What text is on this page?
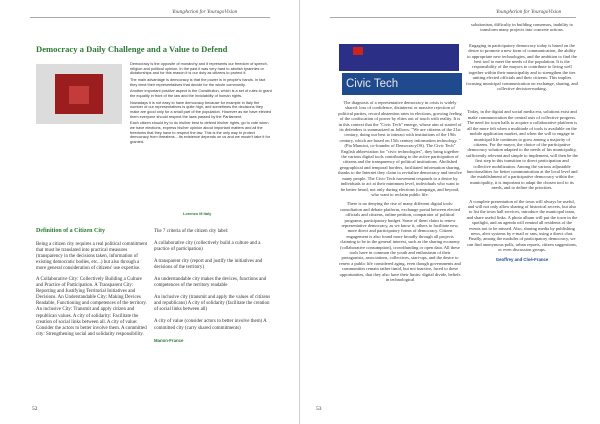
YoungAction for YouragoVision
Democracy a Daily Challenge and a Value to Defend

Democracy is the opposite of monarchy and it represents our freedom of speech, religion and political opinion. In the past it was very hard to abolish tyrannies or dictatorships and for this reason it is our duty as citizens to protect it.

The main advantage is democracy is that the power is in people's hands. In fact they elect their representatives that decide for the whole community.

Another important positive aspect is the Constitution, which is a set of rules to grant the equality in front of the law and the inviolability of human rights.

Nowadays it is not easy to have democracy because for example in Italy the number of our representatives is quite high, and sometimes the decisions they make are good only for a small part of the population. However as we have elected them everyone should respect the laws passed by the Parliament.

Each citizen should try to do his/her best to defend his/her rights, go to vote when we have elections, express his/her opinion about important matters and all the freedoms that they have to respect the law. This is the only way to protect democracy from threatens....its existence depends on us and we mustn't take it for granted.

Lorenzo M Italy
Definition of a Citizen City

Being a citizen city requires a real political commitment that must be translated into practical measures (transparency in the decisions taken, information of existing democratic bodies, etc...) but also through a more general consideration of citizens' use expertise.

A Collaborative City: Collectively Building a Culture and Practice of Participation. A Transparent City: Reporting and Justifying Territorial Initiatives and Decisions. An Understandable City: Making Devices Readable, Functioning and competences of the territory. An inclusive City: Transmit and apply citizen and republican values. A city of solidarity: Facilitate the creation of social links between all. A city of value: Consider the actors to better involve them. A committed city: Strengthening social and solidarity responsibility.

The 7 criteria of the citizen city label:
A collaborative city (collectively build a culture and a practice of participation)
A transparent city (report and justify the initiatives and decisions of the territory)
An understandable city makes the devices, functions and competences of the territory readable
An inclusive city (transmit and apply the values of citizens and republicans) A city of solidarity (facilitate the creation of social links between all)
A city of value (consider actors to better involve them) A committed city (carry shared commitments)
Manon-France
52
YoungAction for YouragoVision
Civic Tech

The diagnosis of a representative democracy in crisis is widely shared: loss of confidence, disinterest or massive rejection of political parties, record abstention rates in elections, growing feeling of the confiscation of power by elites out of touch with reality. It is in this context that the "Civic Tech" emerge, whose aim of started of its defenders is summarized as follows: "We are citizens of the 21st century, doing our best to interact with institutions of the 19th century, which are based on 15th century information technology. "(Pia Mancini, co-founder of DemocracyOS). The Civic Tech" English abbreviation for "civic technologies", they bring together the various digital tools contributing to the active participation of citizens and the transparency of political institutions. Abolished geographical and temporal borders, facilitated information sharing, thanks to the Internet they claim to revitalize democracy and involve many people. The Civic Tech movement responds to a desire by individuals to act at their minimum level, individuals who want to be better heard, not only during elections (campaign, and beyond, who want to reclaim public life.

There is no denying the rise of many different digital tools: consultation and debate platform, exchange portal between elected officials and citizens, online petition, comparator of political programs, participatory budget. Some of them claim to renew representative democracy, as we know it, others to facilitate new, more direct and participatory forms of democracy. Citizen engagement is also found more broadly through all projects claiming to be in the general interest, such as the sharing economy (collaborative consumption), crowdfunding or open data. All these tools have in common the youth and enthusiasm of their protagonists, associations, collectives, start-ups, and the desire to renew a public life considered aging, even though governments and communities remain rather timid, but not inactive, faced to these opportunities, that they also have their limits: digital divide, beliefs in technological

solutionism, difficulty in building consensus, inability to transform many projects into concrete actions.

Engaging in participatory democracy today is based on the desire to promote a new form of communication, the ability to appropriate new technologies, and the ambition to find the best tool to meet the needs of the population. It is the responsibility of the mayors to contribute to living well together within their municipality and to strengthen the ties uniting elected officials and their citizens. This implies focusing municipal communication on exchange, sharing, and collective decision-making.

Today, in the digital and social media era, solutions exist and make communication the central axis of collective progress. The need for town halls to acquire a collaborative platform is all the more felt when a multitude of tools is available on the mobile application market, and when the will to engage in municipal life continues to grow among a majority of citizens. For the mayor, the choice of the participative democracy solution adapted to the needs of his municipality, sufficiently relevant and simple to implement, will then be the first step in this transition to direct participation and collective mobilization. Among the various adjustable functionalities for better communication at the local level and the establishment of a participative democracy within the municipality, it is important to adapt the chosen tool to its needs, and to define the priorities.

A complete presentation of the town will always be useful, and will not only allow sharing of historical secrets, but also to list the town hall services, introduce the municipal team, and share useful links. A photo album will put the town in the spotlight, and an agenda will remind all residents of the events not to be missed. Also, sharing media by publishing news, alert systems by e-mail or sms, using a direct chat. Finally, among the modules of participatory democracy, we can find anonymous polls, urban reports, citizen suggestions, or even discussion groups.

Geoffrey and Cloé-France
53
